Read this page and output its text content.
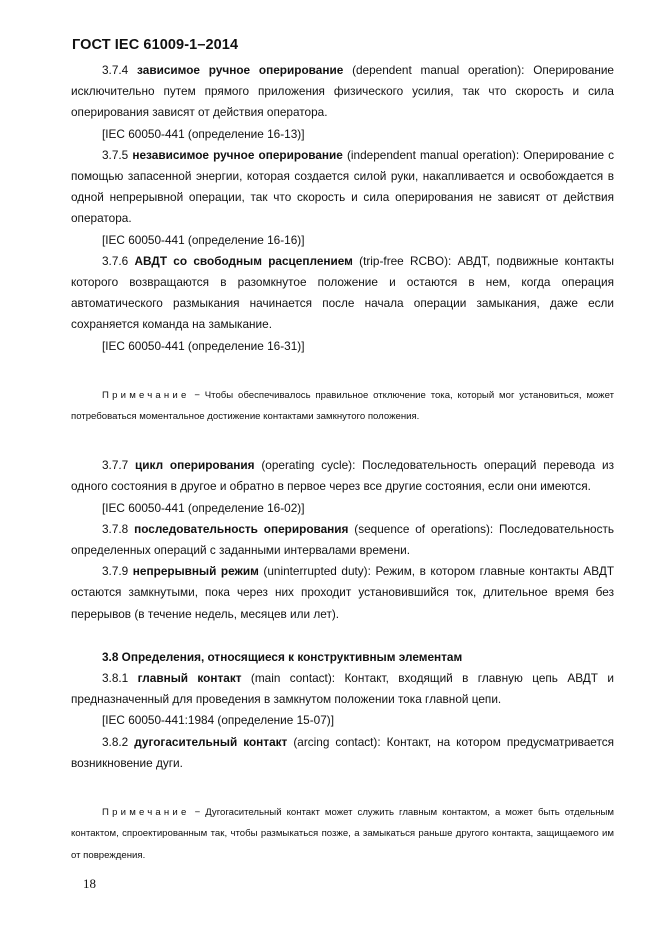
ГОСТ IEC 61009-1–2014

3.7.4 зависимое ручное оперирование (dependent manual operation): Оперирование исключительно путем прямого приложения физического усилия, так что скорость и сила оперирования зависят от действия оператора.

[IEC 60050-441 (определение 16-13)]

3.7.5 независимое ручное оперирование (independent manual operation): Оперирование с помощью запасенной энергии, которая создается силой руки, накапливается и освобождается в одной непрерывной операции, так что скорость и сила оперирования не зависят от действия оператора.

[IEC 60050-441 (определение 16-16)]

3.7.6 АВДТ со свободным расцеплением (trip-free RCBO): АВДТ, подвижные контакты которого возвращаются в разомкнутое положение и остаются в нем, когда операция автоматического размыкания начинается после начала операции замыкания, даже если сохраняется команда на замыкание.

[IEC 60050-441 (определение 16-31)]

Примечание − Чтобы обеспечивалось правильное отключение тока, который мог установиться, может потребоваться моментальное достижение контактами замкнутого положения.

3.7.7 цикл оперирования (operating cycle): Последовательность операций перевода из одного состояния в другое и обратно в первое через все другие состояния, если они имеются.

[IEC 60050-441 (определение 16-02)]

3.7.8 последовательность оперирования (sequence of operations): Последовательность определенных операций с заданными интервалами времени.

3.7.9 непрерывный режим (uninterrupted duty): Режим, в котором главные контакты АВДТ остаются замкнутыми, пока через них проходит установившийся ток, длительное время без перерывов (в течение недель, месяцев или лет).

3.8 Определения, относящиеся к конструктивным элементам

3.8.1 главный контакт (main contact): Контакт, входящий в главную цепь АВДТ и предназначенный для проведения в замкнутом положении тока главной цепи.

[IEC 60050-441:1984 (определение 15-07)]

3.8.2 дугогасительный контакт (arcing contact): Контакт, на котором предусматривается возникновение дуги.

Примечание − Дугогасительный контакт может служить главным контактом, а может быть отдельным контактом, спроектированным так, чтобы размыкаться позже, а замыкаться раньше другого контакта, защищаемого им от повреждения.

18
